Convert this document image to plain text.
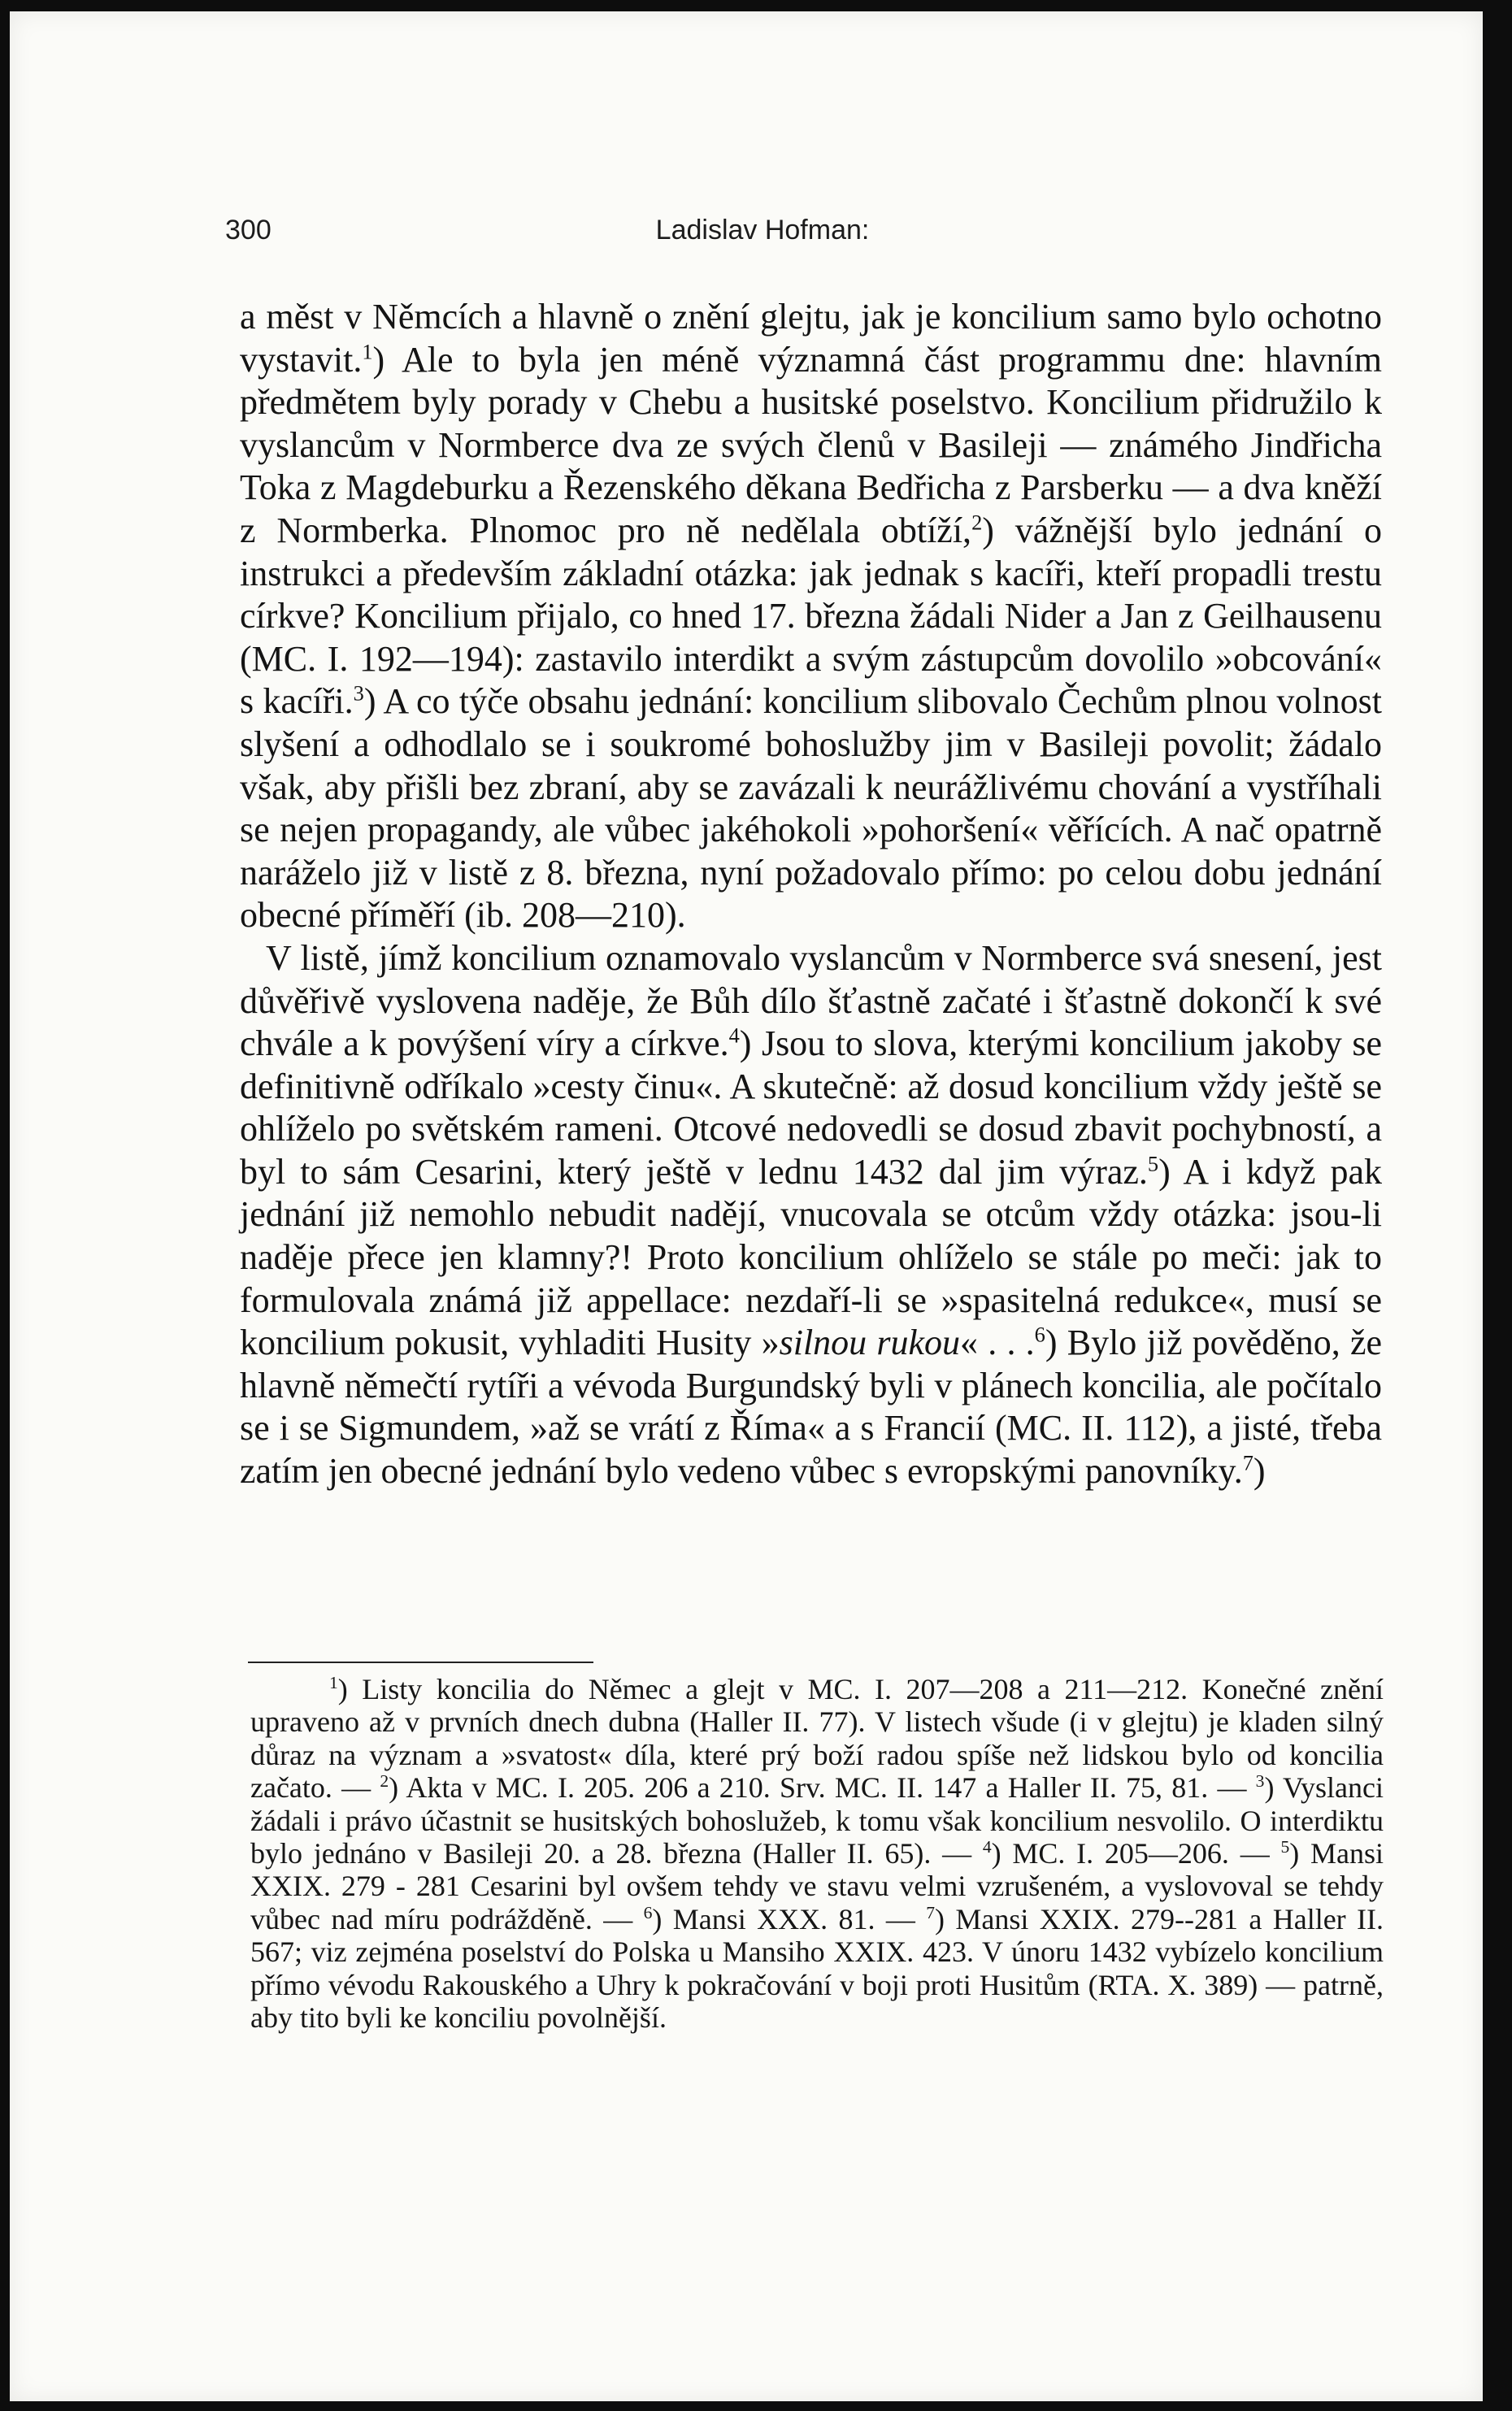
300	Ladislav Hofman:

a měst v Němcích a hlavně o znění glejtu, jak je koncilium samo bylo ochotno vystavit.$^1$) Ale to byla jen méně významná část programmu dne: hlavním předmětem byly porady v Chebu a husitské poselstvo. Koncilium přidružilo k vyslancům v Normberce dva ze svých členů v Basileji — známého Jindřicha Toka z Magdeburku a Řezenského děkana Bedřicha z Parsberku — a dva kněží z Normberka. Plnomoc pro ně nedělala obtíží,$^2$) vážnější bylo jednání o instrukci a především základní otázka: jak jednak s kacíři, kteří propadli trestu církve? Koncilium přijalo, co hned 17. března žádali Nider a Jan z Geilhausenu (MC. I. 192—194): zastavilo interdikt a svým zástupcům dovolilo »obcování« s kacíři.$^3$) A co týče obsahu jednání: koncilium slibovalo Čechům plnou volnost slyšení a odhodlalo se i soukromé bohoslužby jim v Basileji povolit; žádalo však, aby přišli bez zbraní, aby se zavázali k neurážlivému chování a vystříhali se nejen propagandy, ale vůbec jakéhokoli »pohoršení« věřících. A nač opatrně naráželo již v listě z 8. března, nyní požadovalo přímo: po celou dobu jednání obecné příměří (ib. 208—210).

V listě, jímž koncilium oznamovalo vyslancům v Normberce svá snesení, jest důvěřivě vyslovena naděje, že Bůh dílo šťastně začaté i šťastně dokončí k své chvále a k povýšení víry a církve.$^4$) Jsou to slova, kterými koncilium jakoby se definitivně odříkalo »cesty činu«. A skutečně: až dosud koncilium vždy ještě se ohlíželo po světském rameni. Otcové nedovedli se dosud zbavit pochybností, a byl to sám Cesarini, který ještě v lednu 1432 dal jim výraz.$^5$) A i když pak jednání již nemohlo nebudit nadějí, vnucovala se otcům vždy otázka: jsou-li naděje přece jen klamny?! Proto koncilium ohlíželo se stále po meči: jak to formulovala známá již appellace: nezdaří-li se »spasitelná redukce«, musí se koncilium pokusit, vyhladiti Husity »silnou rukou« . . .$^6$) Bylo již pověděno, že hlavně němečtí rytíři a vévoda Burgundský byli v plánech koncilia, ale počítalo se i se Sigmundem, »až se vrátí z Říma« a s Francií (MC. II. 112), a jisté, třeba zatím jen obecné jednání bylo vedeno vůbec s evropskými panovníky.$^7$)

$^1$) Listy koncilia do Němec a glejt v MC. I. 207—208 a 211—212. Konečné znění upraveno až v prvních dnech dubna (Haller II. 77). V listech všude (i v glejtu) je kladen silný důraz na význam a »svatost« díla, které prý boží radou spíše než lidskou bylo od koncilia začato. — $^2$) Akta v MC. I. 205. 206 a 210. Srv. MC. II. 147 a Haller II. 75, 81. — $^3$) Vyslanci žádali i právo účastnit se husitských bohoslužeb, k tomu však koncilium nesvolilo. O interdiktu bylo jednáno v Basileji 20. a 28. března (Haller II. 65). — $^4$) MC. I. 205—206. — $^5$) Mansi XXIX. 279 - 281 Cesarini byl ovšem tehdy ve stavu velmi vzrušeném, a vyslovoval se tehdy vůbec nad míru podrážděně. — $^6$) Mansi XXX. 81. — $^7$) Mansi XXIX. 279--281 a Haller II. 567; viz zejména poselství do Polska u Mansiho XXIX. 423. V únoru 1432 vybízelo koncilium přímo vévodu Rakouského a Uhry k pokračování v boji proti Husitům (RTA. X. 389) — patrně, aby tito byli ke konciliu povolnější.
